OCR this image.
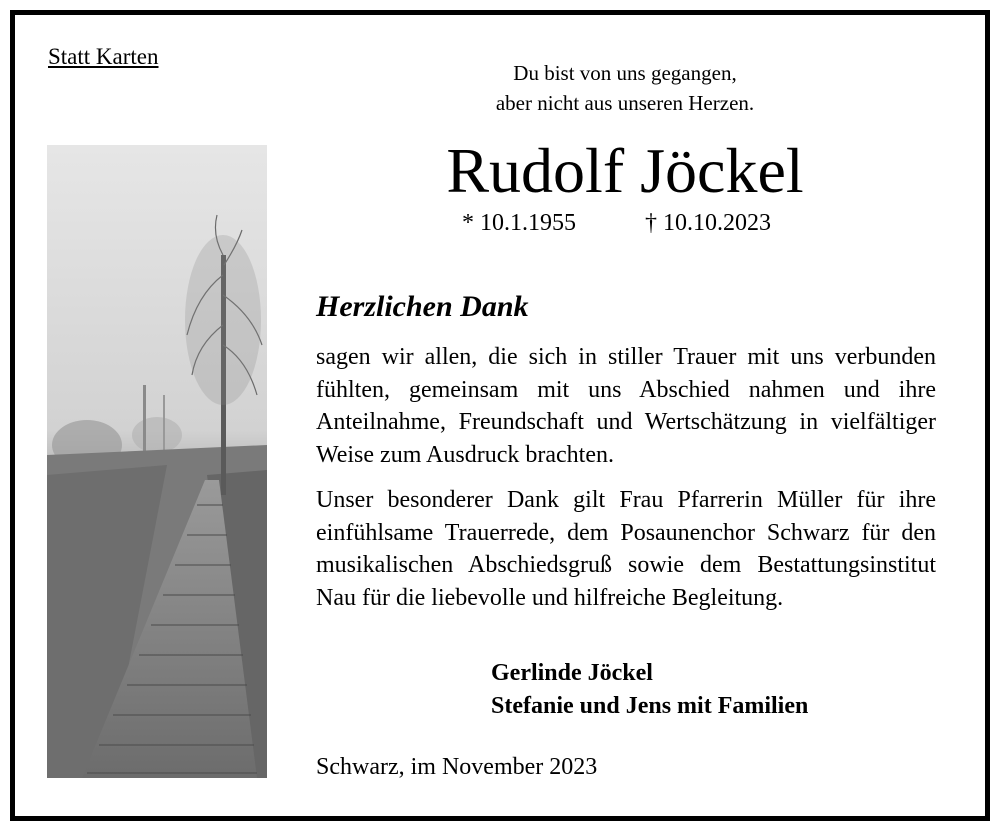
Statt Karten
Du bist von uns gegangen,
aber nicht aus unseren Herzen.
Rudolf Jöckel
* 10.1.1955	† 10.10.2023
Herzlichen Dank

sagen wir allen, die sich in stiller Trauer mit uns verbunden fühlten, gemeinsam mit uns Abschied nahmen und ihre Anteilnahme, Freundschaft und Wertschätzung in vielfältiger Weise zum Ausdruck brachten.

Unser besonderer Dank gilt Frau Pfarrerin Müller für ihre einfühlsame Trauerrede, dem Posaunenchor Schwarz für den musikalischen Abschiedsgruß sowie dem Bestattungsinstitut Nau für die liebevolle und hilfreiche Begleitung.

Gerlinde Jöckel
Stefanie und Jens mit Familien
Schwarz, im November 2023
